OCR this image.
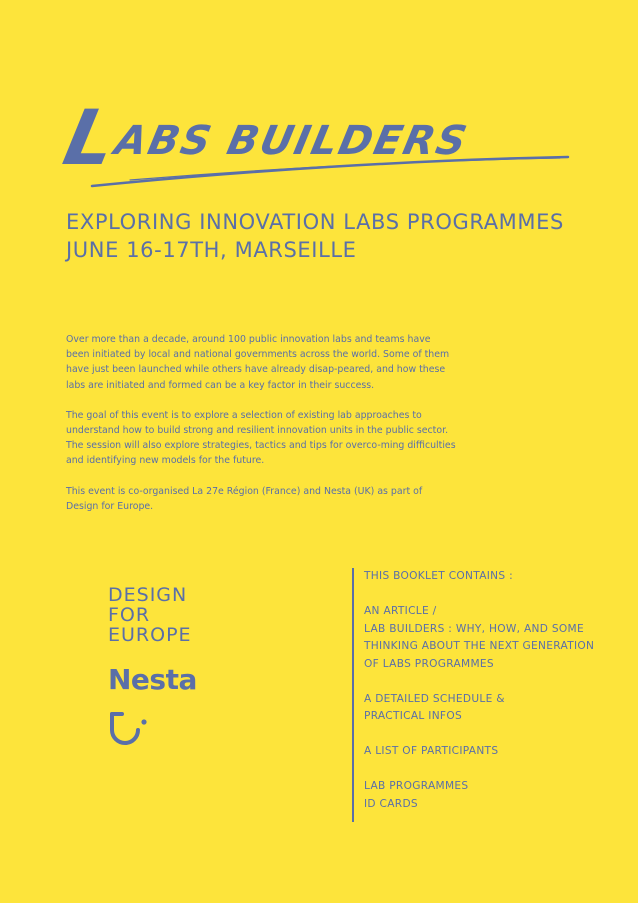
LABS BUILDERS
EXPLORING INNOVATION LABS PROGRAMMES
JUNE 16-17TH, MARSEILLE

Over more than a decade, around 100 public innovation labs and teams have been initiated by local and national governments across the world. Some of them have just been launched while others have already disap-peared, and how these labs are initiated and formed can be a key factor in their success.

The goal of this event is to explore a selection of existing lab approaches to understand how to build strong and resilient innovation units in the public sector. The session will also explore strategies, tactics and tips for overco-ming difficulties and identifying new models for the future.

This event is co-organised La 27e Région (France) and Nesta (UK) as part of Design for Europe.

DESIGN
FOR
EUROPE
Nesta
THIS BOOKLET CONTAINS :
AN ARTICLE /
LAB BUILDERS : WHY, HOW, AND SOME
THINKING ABOUT THE NEXT GENERATION
OF LABS PROGRAMMES
A DETAILED SCHEDULE &
PRACTICAL INFOS
A LIST OF PARTICIPANTS
LAB PROGRAMMES
ID CARDS
